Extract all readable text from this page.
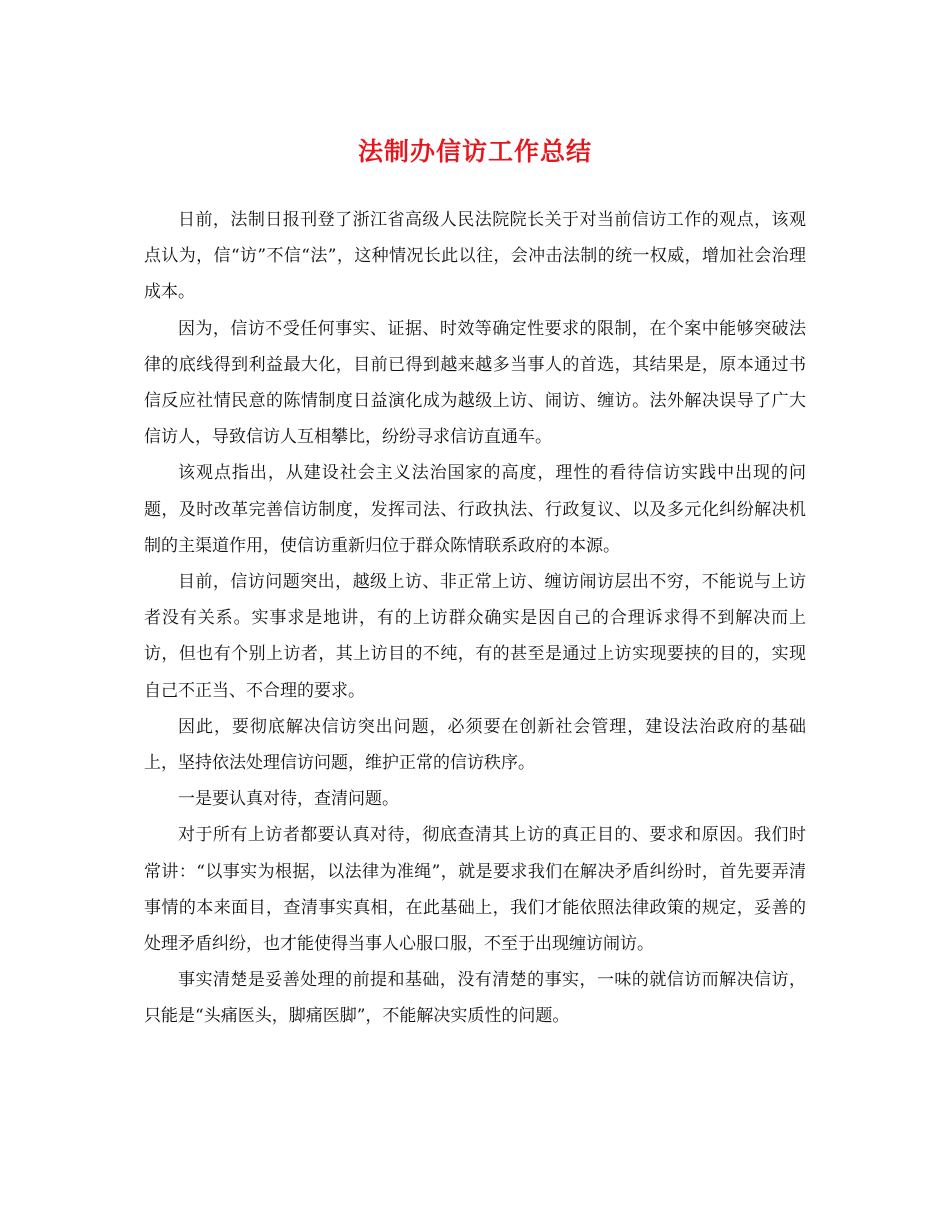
法制办信访工作总结

日前，法制日报刊登了浙江省高级人民法院院长关于对当前信访工作的观点，该观点认为，信“访”不信“法”，这种情况长此以往，会冲击法制的统一权威，增加社会治理成本。

因为，信访不受任何事实、证据、时效等确定性要求的限制，在个案中能够突破法律的底线得到利益最大化，目前已得到越来越多当事人的首选，其结果是，原本通过书信反应社情民意的陈情制度日益演化成为越级上访、闹访、缠访。法外解决误导了广大信访人，导致信访人互相攀比，纷纷寻求信访直通车。

该观点指出，从建设社会主义法治国家的高度，理性的看待信访实践中出现的问题，及时改革完善信访制度，发挥司法、行政执法、行政复议、以及多元化纠纷解决机制的主渠道作用，使信访重新归位于群众陈情联系政府的本源。

目前，信访问题突出，越级上访、非正常上访、缠访闹访层出不穷，不能说与上访者没有关系。实事求是地讲，有的上访群众确实是因自己的合理诉求得不到解决而上访，但也有个别上访者，其上访目的不纯，有的甚至是通过上访实现要挟的目的，实现自己不正当、不合理的要求。

因此，要彻底解决信访突出问题，必须要在创新社会管理，建设法治政府的基础上，坚持依法处理信访问题，维护正常的信访秩序。

一是要认真对待，查清问题。

对于所有上访者都要认真对待，彻底查清其上访的真正目的、要求和原因。我们时常讲：“以事实为根据，以法律为准绳”，就是要求我们在解决矛盾纠纷时，首先要弄清事情的本来面目，查清事实真相，在此基础上，我们才能依照法律政策的规定，妥善的处理矛盾纠纷，也才能使得当事人心服口服，不至于出现缠访闹访。

事实清楚是妥善处理的前提和基础，没有清楚的事实，一味的就信访而解决信访，只能是“头痛医头，脚痛医脚”，不能解决实质性的问题。
